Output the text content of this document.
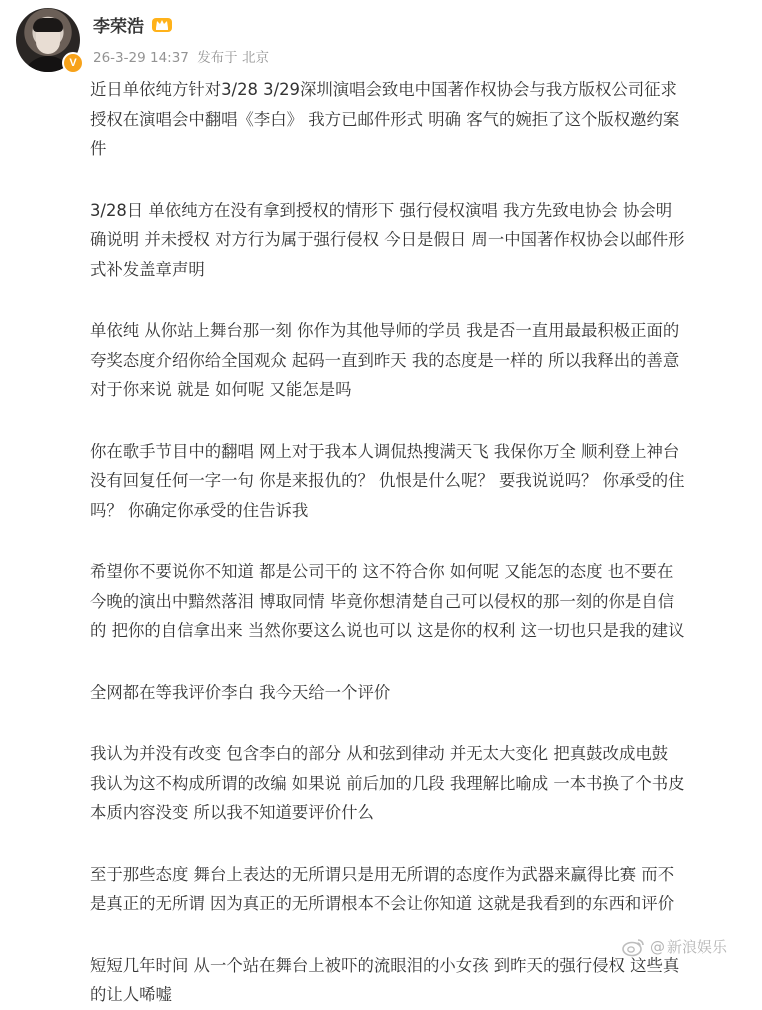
V
李荣浩
26-3-29 14:37 发布于 北京

近日单依纯方针对3/28 3/29深圳演唱会致电中国著作权协会与我方版权公司征求
授权在演唱会中翻唱《李白》 我方已邮件形式 明确 客气的婉拒了这个版权邀约案
件

3/28日 单依纯方在没有拿到授权的情形下 强行侵权演唱 我方先致电协会 协会明
确说明 并未授权 对方行为属于强行侵权 今日是假日 周一中国著作权协会以邮件形
式补发盖章声明

单依纯 从你站上舞台那一刻 你作为其他导师的学员 我是否一直用最最积极正面的
夸奖态度介绍你给全国观众 起码一直到昨天 我的态度是一样的 所以我释出的善意
对于你来说 就是 如何呢 又能怎是吗

你在歌手节目中的翻唱 网上对于我本人调侃热搜满天飞 我保你万全 顺利登上神台
没有回复任何一字一句 你是来报仇的？ 仇恨是什么呢？ 要我说说吗？ 你承受的住
吗？ 你确定你承受的住告诉我

希望你不要说你不知道 都是公司干的 这不符合你 如何呢 又能怎的态度 也不要在
今晚的演出中黯然落泪 博取同情 毕竟你想清楚自己可以侵权的那一刻的你是自信
的 把你的自信拿出来 当然你要这么说也可以 这是你的权利 这一切也只是我的建议

全网都在等我评价李白 我今天给一个评价

我认为并没有改变 包含李白的部分 从和弦到律动 并无太大变化 把真鼓改成电鼓
我认为这不构成所谓的改编 如果说 前后加的几段 我理解比喻成 一本书换了个书皮
本质内容没变 所以我不知道要评价什么

至于那些态度 舞台上表达的无所谓只是用无所谓的态度作为武器来赢得比赛 而不
是真正的无所谓 因为真正的无所谓根本不会让你知道 这就是我看到的东西和评价

短短几年时间 从一个站在舞台上被吓的流眼泪的小女孩 到昨天的强行侵权 这些真
的让人唏嘘

@ 新浪娱乐
